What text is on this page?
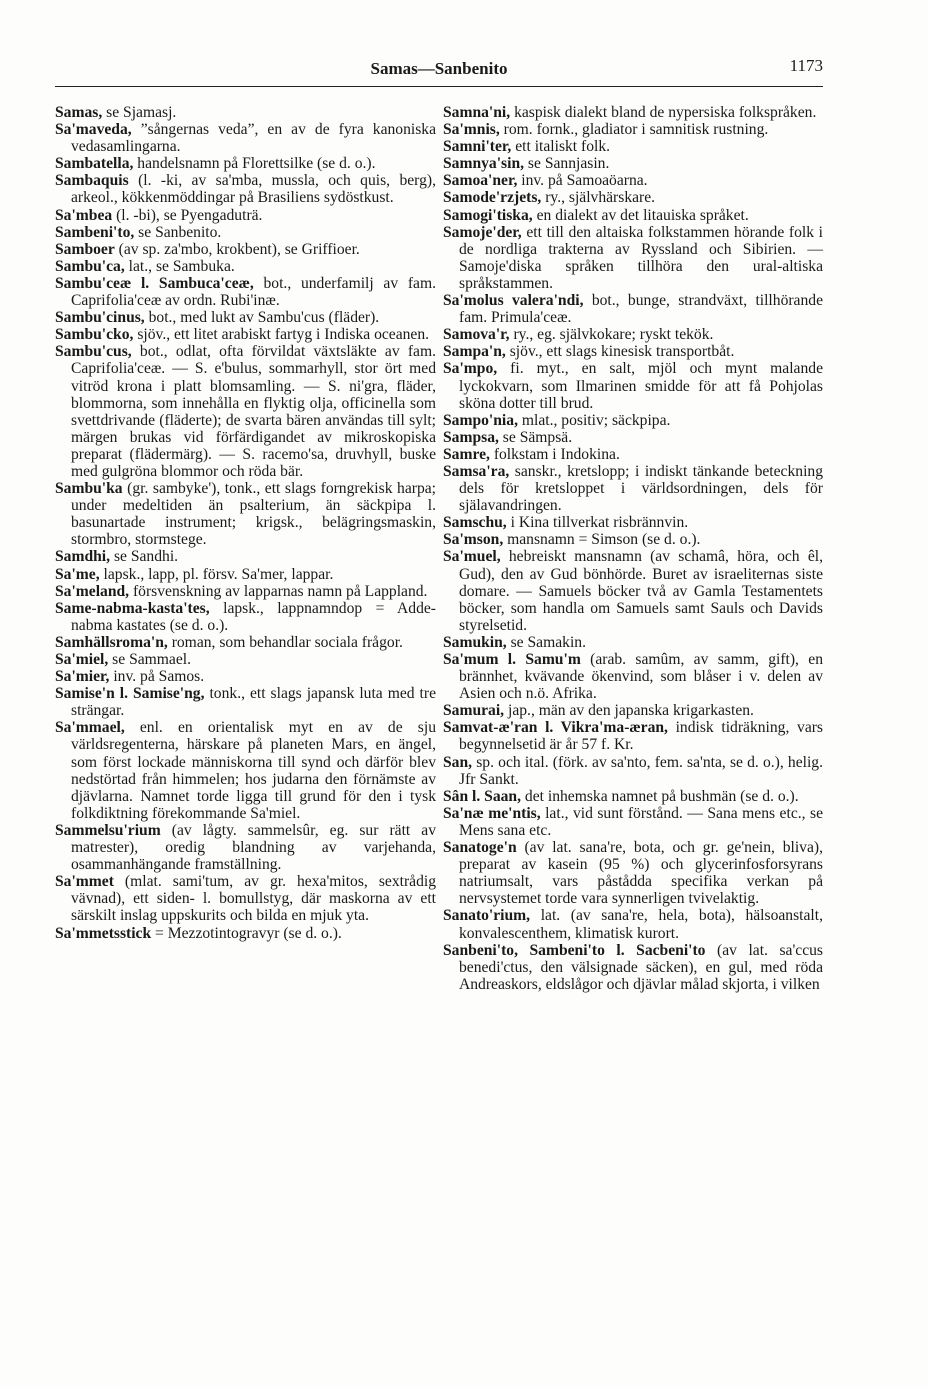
Samas—Sanbenito	1173

Samas, se Sjamasj.

Sa'maveda, ”sångernas veda”, en av de fyra kanoniska vedasamlingarna.

Sambatella, handelsnamn på Florettsilke (se d. o.).

Sambaquis (l. -ki, av sa'mba, mussla, och quis, berg), arkeol., kökkenmöddingar på Brasiliens sydöstkust.

Sa'mbea (l. -bi), se Pyengaduträ.

Sambeni'to, se Sanbenito.

Samboer (av sp. za'mbo, krokbent), se Griffioer.

Sambu'ca, lat., se Sambuka.

Sambu'ceæ l. Sambuca'ceæ, bot., underfamilj av fam. Caprifolia'ceæ av ordn. Rubi'inæ.

Sambu'cinus, bot., med lukt av Sambu'cus (fläder).

Sambu'cko, sjöv., ett litet arabiskt fartyg i Indiska oceanen.

Sambu'cus, bot., odlat, ofta förvildat växtsläkte av fam. Caprifolia'ceæ. — S. e'bulus, sommarhyll, stor ört med vitröd krona i platt blomsamling. — S. ni'gra, fläder, blommorna, som innehålla en flyktig olja, officinella som svettdrivande (fläderte); de svarta bären användas till sylt; märgen brukas vid förfärdigandet av mikroskopiska preparat (flädermärg). — S. racemo'sa, druvhyll, buske med gulgröna blommor och röda bär.

Sambu'ka (gr. sambyke'), tonk., ett slags forngrekisk harpa; under medeltiden än psalterium, än säckpipa l. basunartade instrument; krigsk., belägringsmaskin, stormbro, stormstege.

Samdhi, se Sandhi.

Sa'me, lapsk., lapp, pl. försv. Sa'mer, lappar.

Sa'meland, försvenskning av lapparnas namn på Lappland.

Same-nabma-kasta'tes, lapsk., lappnamndop = Adde-nabma kastates (se d. o.).

Samhällsroma'n, roman, som behandlar sociala frågor.

Sa'miel, se Sammael.

Sa'mier, inv. på Samos.

Samise'n l. Samise'ng, tonk., ett slags japansk luta med tre strängar.

Sa'mmael, enl. en orientalisk myt en av de sju världsregenterna, härskare på planeten Mars, en ängel, som först lockade människorna till synd och därför blev nedstörtad från himmelen; hos judarna den förnämste av djävlarna. Namnet torde ligga till grund för den i tysk folkdiktning förekommande Sa'miel.

Sammelsu'rium (av lågty. sammelsûr, eg. sur rätt av matrester), oredig blandning av varjehanda, osammanhängande framställning.

Sa'mmet (mlat. sami'tum, av gr. hexa'mitos, sextrådig vävnad), ett siden- l. bomullstyg, där maskorna av ett särskilt inslag uppskurits och bilda en mjuk yta.

Sa'mmetsstick = Mezzotintogravyr (se d. o.).

Samna'ni, kaspisk dialekt bland de nypersiska folkspråken.

Sa'mnis, rom. fornk., gladiator i samnitisk rustning.

Samni'ter, ett italiskt folk.

Samnya'sin, se Sannjasin.

Samoa'ner, inv. på Samoaöarna.

Samode'rzjets, ry., självhärskare.

Samogi'tiska, en dialekt av det litauiska språket.

Samoje'der, ett till den altaiska folkstammen hörande folk i de nordliga trakterna av Ryssland och Sibirien. — Samoje'diska språken tillhöra den ural-altiska språkstammen.

Sa'molus valera'ndi, bot., bunge, strandväxt, tillhörande fam. Primula'ceæ.

Samova'r, ry., eg. självkokare; ryskt tekök.

Sampa'n, sjöv., ett slags kinesisk transportbåt.

Sa'mpo, fi. myt., en salt, mjöl och mynt malande lyckokvarn, som Ilmarinen smidde för att få Pohjolas sköna dotter till brud.

Sampo'nia, mlat., positiv; säckpipa.

Sampsa, se Sämpsä.

Samre, folkstam i Indokina.

Samsa'ra, sanskr., kretslopp; i indiskt tänkande beteckning dels för kretsloppet i världsordningen, dels för själavandringen.

Samschu, i Kina tillverkat risbrännvin.

Sa'mson, mansnamn = Simson (se d. o.).

Sa'muel, hebreiskt mansnamn (av schamâ, höra, och êl, Gud), den av Gud bönhörde. Buret av israeliternas siste domare. — Samuels böcker två av Gamla Testamentets böcker, som handla om Samuels samt Sauls och Davids styrelsetid.

Samukin, se Samakin.

Sa'mum l. Samu'm (arab. samûm, av samm, gift), en brännhet, kvävande ökenvind, som blåser i v. delen av Asien och n.ö. Afrika.

Samurai, jap., män av den japanska krigarkasten.

Samvat-æ'ran l. Vikra'ma-æran, indisk tidräkning, vars begynnelsetid är år 57 f. Kr.

San, sp. och ital. (förk. av sa'nto, fem. sa'nta, se d. o.), helig. Jfr Sankt.

Sân l. Saan, det inhemska namnet på bushmän (se d. o.).

Sa'næ me'ntis, lat., vid sunt förstånd. — Sana mens etc., se Mens sana etc.

Sanatoge'n (av lat. sana're, bota, och gr. ge'nein, bliva), preparat av kasein (95 %) och glycerinfosforsyrans natriumsalt, vars påstådda specifika verkan på nervsystemet torde vara synnerligen tvivelaktig.

Sanato'rium, lat. (av sana're, hela, bota), hälsoanstalt, konvalescenthem, klimatisk kurort.

Sanbeni'to, Sambeni'to l. Sacbeni'to (av lat. sa'ccus benedi'ctus, den välsignade säcken), en gul, med röda Andreaskors, eldslågor och djävlar målad skjorta, i vilken
